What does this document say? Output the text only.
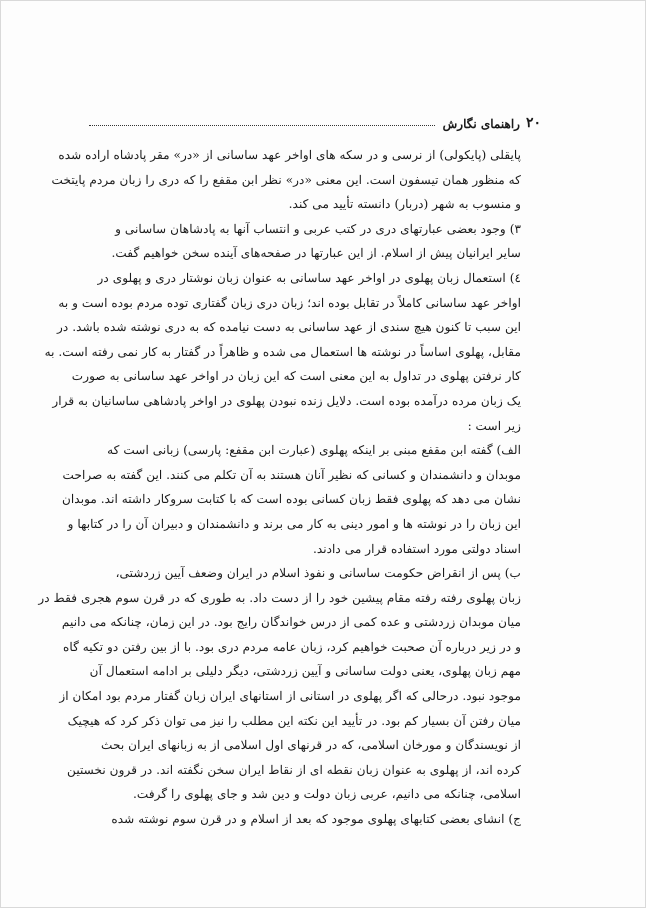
۲۰
راهنمای نگارش
پایقلی (پایکولی) از نرسی و در سکه های اواخر عهد ساسانی از «در» مقر پادشاه اراده شده
که منظور همان تیسفون است. این معنی «در» نظر ابن مقفع را که دری را زبان مردم پایتخت
و منسوب به شهر (دربار) دانسته تأیید می کند.
۳) وجود بعضی عبارتهای دری در کتب عربی و انتساب آنها به پادشاهان ساسانی و
سایر ایرانیان پیش از اسلام. از این عبارتها در صفحه‌های آینده سخن خواهیم گفت.
٤) استعمال زبان پهلوی در اواخر عهد ساسانی به عنوان زبان نوشتار دری و پهلوی در
اواخر عهد ساسانی کاملاً در تقابل بوده اند؛ زبان دری زبان گفتاری توده مردم بوده است و به
این سبب تا کنون هیچ سندی از عهد ساسانی به دست نیامده که به دری نوشته شده باشد. در
مقابل، پهلوی اساساً در نوشته ها استعمال می شده و ظاهراً در گفتار به کار نمی رفته است. به
کار نرفتن پهلوی در تداول به این معنی است که این زبان در اواخر عهد ساسانی به صورت
یک زبان مرده درآمده بوده است. دلایل زنده نبودن پهلوی در اواخر پادشاهی ساسانیان به قرار
زیر است :
الف) گفته ابن مقفع مبنی بر اینکه پهلوی (عبارت ابن مقفع: پارسی) زبانی است که
موبدان و دانشمندان و کسانی که نظیر آنان هستند به آن تکلم می کنند. این گفته به صراحت
نشان می دهد که پهلوی فقط زبان کسانی بوده است که با کتابت سروکار داشته اند. موبدان
این زبان را در نوشته ها و امور دینی به کار می برند و دانشمندان و دبیران آن را در کتابها و
اسناد دولتی مورد استفاده قرار می دادند.
ب) پس از انقراض حکومت ساسانی و نفوذ اسلام در ایران وضعف آیین زردشتی،
زبان پهلوی رفته رفته مقام پیشین خود را از دست داد. به طوری که در قرن سوم هجری فقط در
میان موبدان زردشتی و عده کمی از درس خواندگان رایج بود. در این زمان، چنانکه می دانیم
و در زیر درباره آن صحبت خواهیم کرد، زبان عامه مردم دری بود. با از بین رفتن دو تکیه گاه
مهم زبان پهلوی، یعنی دولت ساسانی و آیین زردشتی، دیگر دلیلی بر ادامه استعمال آن
موجود نبود. درحالی که اگر پهلوی در استانی از استانهای ایران زبان گفتار مردم بود امکان از
میان رفتن آن بسیار کم بود. در تأیید این نکته این مطلب را نیز می توان ذکر کرد که هیچیک
از نویسندگان و مورخان اسلامی، که در قرنهای اول اسلامی از به زبانهای ایران بحث
کرده اند، از پهلوی به عنوان زبان نقطه ای از نقاط ایران سخن نگفته اند. در قرون نخستین
اسلامی، چنانکه می دانیم، عربی زبان دولت و دین شد و جای پهلوی را گرفت.
ج) انشای بعضی کتابهای پهلوی موجود که بعد از اسلام و در قرن سوم نوشته شده
